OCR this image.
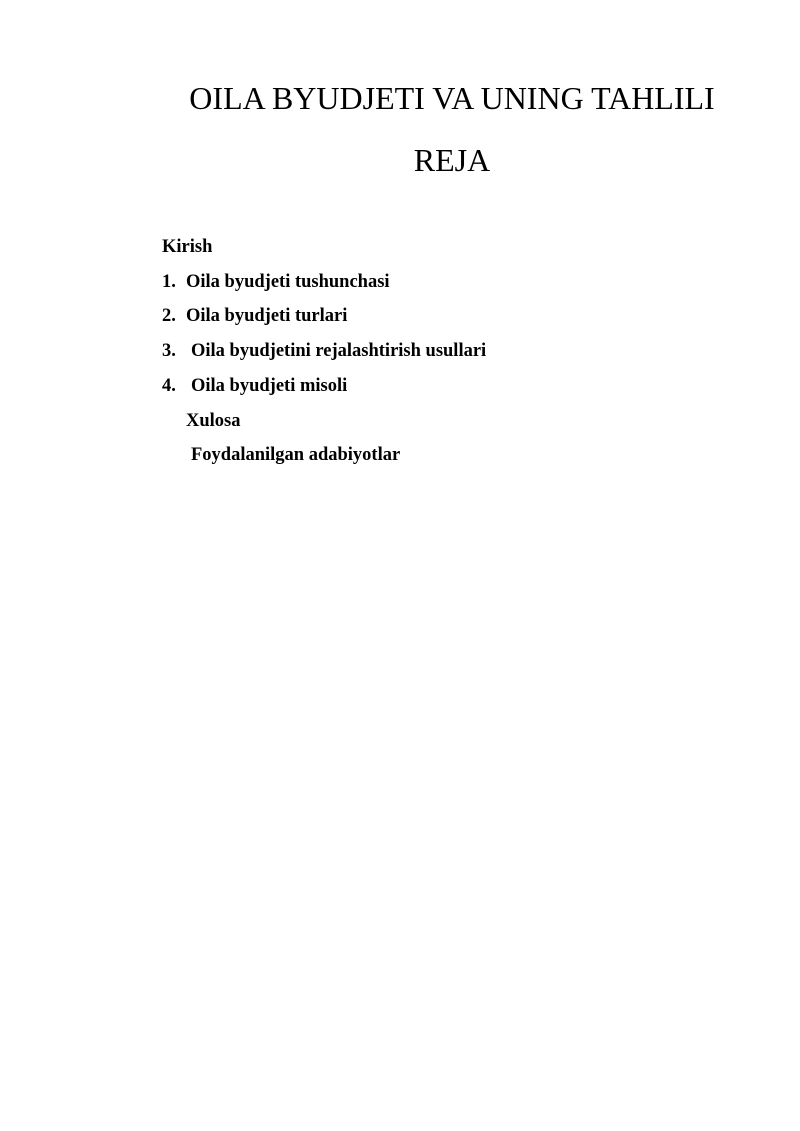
OILA BYUDJETI VA UNING TAHLILI
REJA
Kirish
1. Oila byudjeti tushunchasi
2. Oila byudjeti turlari
3. Oila byudjetini rejalashtirish usullari
4. Oila byudjeti misoli
Xulosa
Foydalanilgan adabiyotlar
